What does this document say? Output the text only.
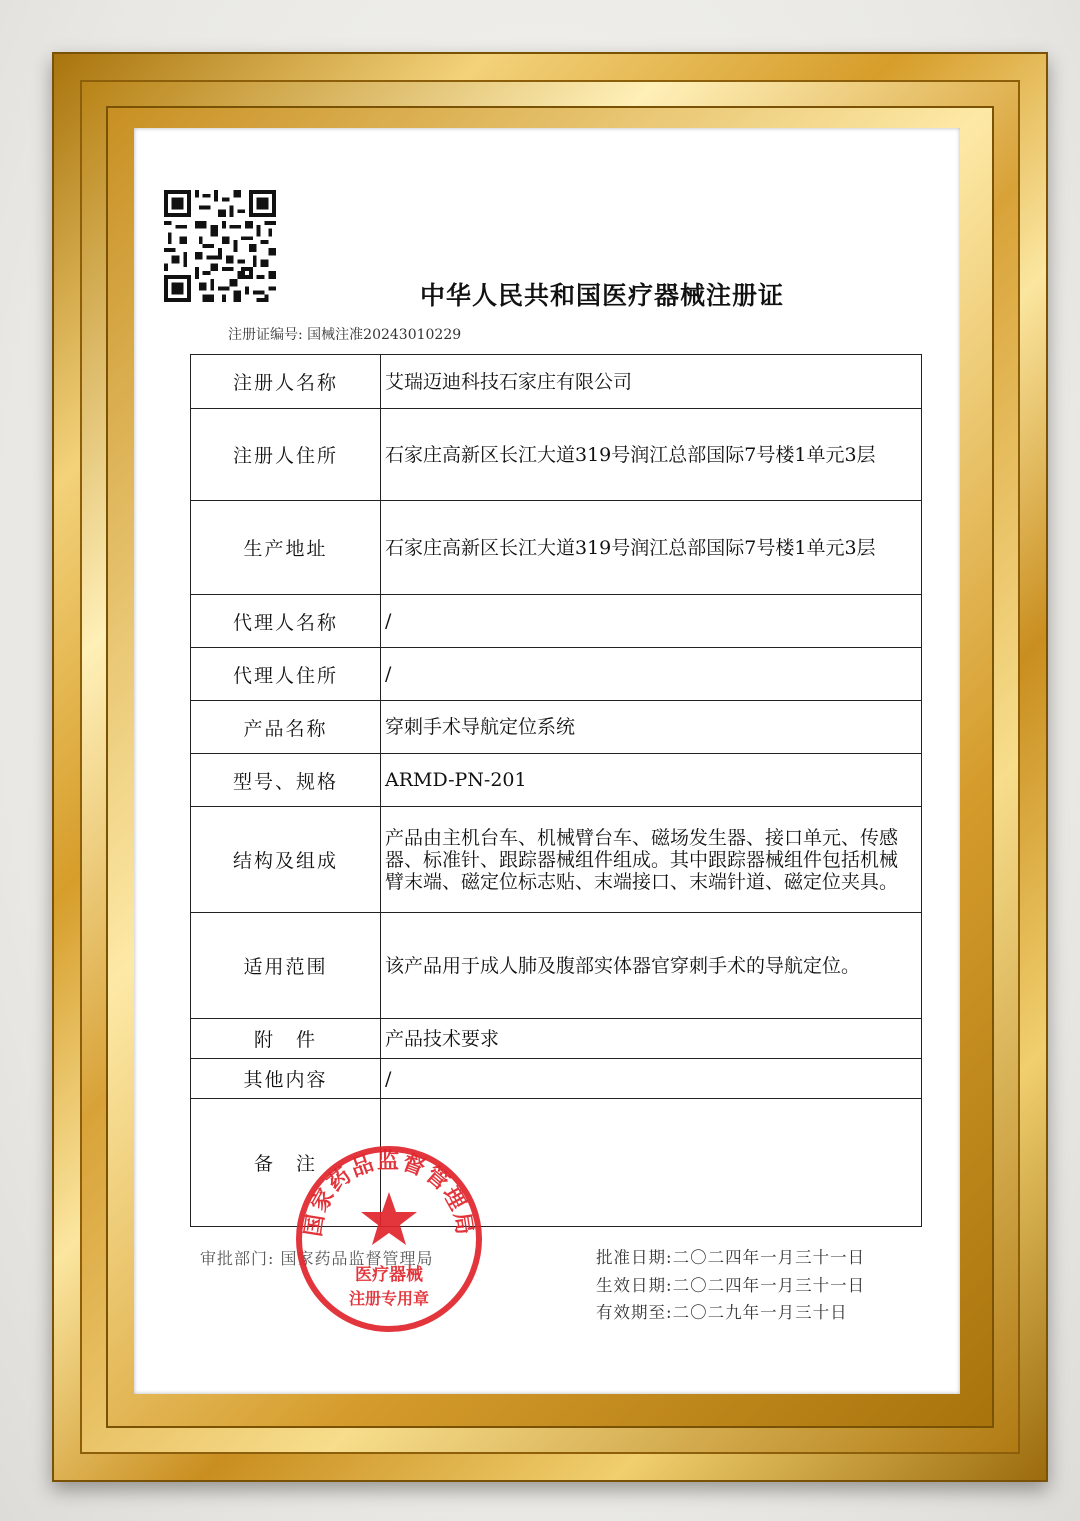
中华人民共和国医疗器械注册证
注册证编号: 国械注准20243010229
注册人名称	艾瑞迈迪科技石家庄有限公司
注册人住所	石家庄高新区长江大道319号润江总部国际7号楼1单元3层
生产地址	石家庄高新区长江大道319号润江总部国际7号楼1单元3层
代理人名称	/
代理人住所	/
产品名称	穿刺手术导航定位系统
型号、规格	ARMD-PN-201
结构及组成	产品由主机台车、机械臂台车、磁场发生器、接口单元、传感器、标准针、跟踪器械组件组成。其中跟踪器械组件包括机械臂末端、磁定位标志贴、末端接口、末端针道、磁定位夹具。
适用范围	该产品用于成人肺及腹部实体器官穿刺手术的导航定位。
附　件	产品技术要求
其他内容	/
备　注	
审批部门: 国家药品监督管理局	批准日期:二〇二四年一月三十一日
生效日期:二〇二四年一月三十一日
有效期至:二〇二九年一月三十日
国家药品监督管理局
医疗器械
注册专用章
